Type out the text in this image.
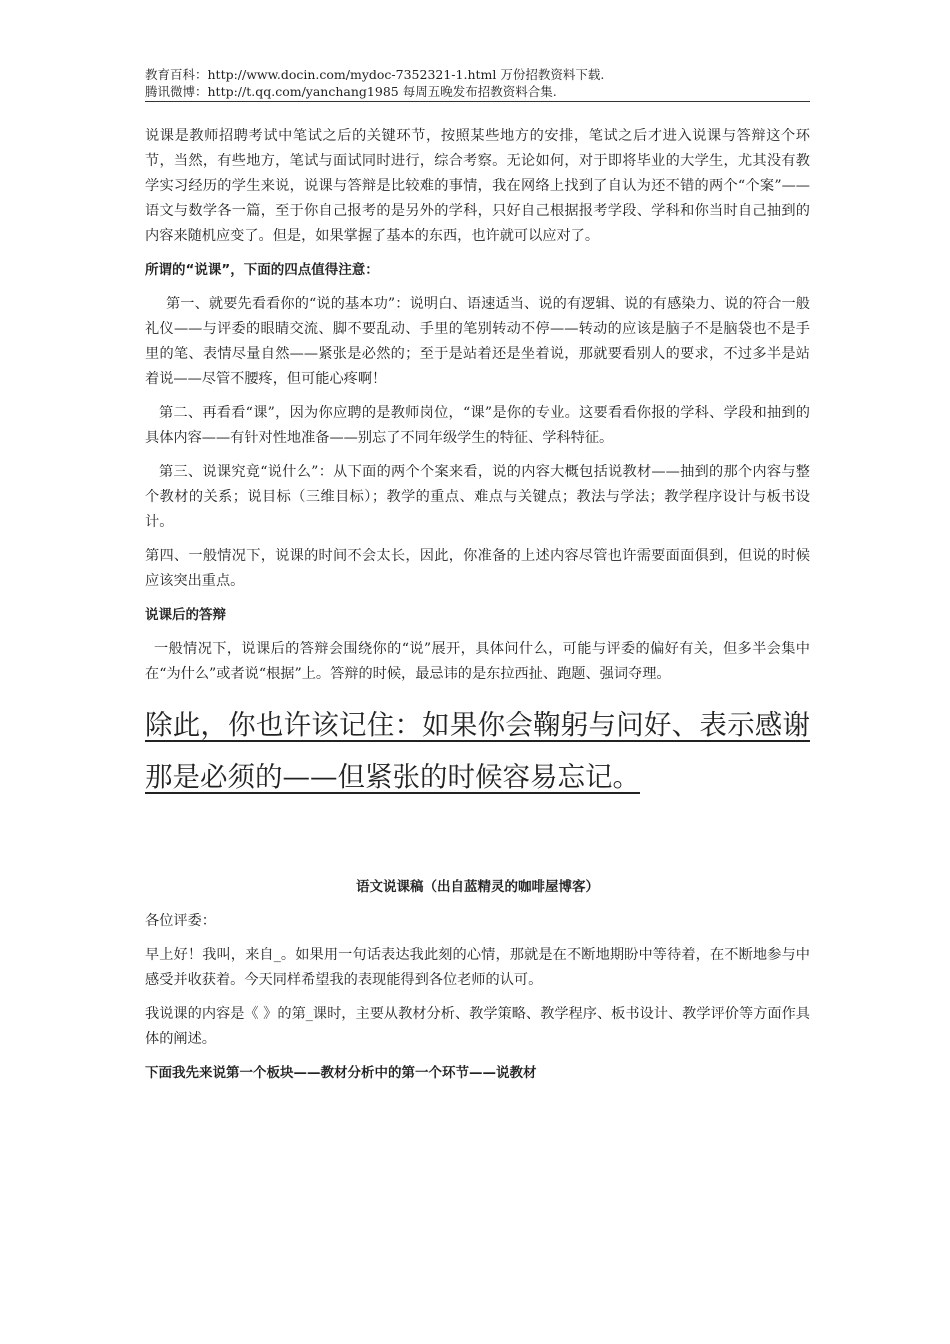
教育百科：http://www.docin.com/mydoc-7352321-1.html 万份招教资料下载.
腾讯微博：http://t.qq.com/yanchang1985 每周五晚发布招教资料合集.

说课是教师招聘考试中笔试之后的关键环节，按照某些地方的安排，笔试之后才进入说课与答辩这个环节，当然，有些地方，笔试与面试同时进行，综合考察。无论如何，对于即将毕业的大学生，尤其没有教学实习经历的学生来说，说课与答辩是比较难的事情，我在网络上找到了自认为还不错的两个“个案”——语文与数学各一篇，至于你自己报考的是另外的学科，只好自己根据报考学段、学科和你当时自己抽到的内容来随机应变了。但是，如果掌握了基本的东西，也许就可以应对了。

所谓的“说课”，下面的四点值得注意：

第一、就要先看看你的“说的基本功”：说明白、语速适当、说的有逻辑、说的有感染力、说的符合一般礼仪——与评委的眼睛交流、脚不要乱动、手里的笔别转动不停——转动的应该是脑子不是脑袋也不是手里的笔、表情尽量自然——紧张是必然的；至于是站着还是坐着说，那就要看别人的要求，不过多半是站着说——尽管不腰疼，但可能心疼啊！

第二、再看看“课”，因为你应聘的是教师岗位，“课”是你的专业。这要看看你报的学科、学段和抽到的具体内容——有针对性地准备——别忘了不同年级学生的特征、学科特征。

第三、说课究竟“说什么”：从下面的两个个案来看，说的内容大概包括说教材——抽到的那个内容与整个教材的关系；说目标（三维目标）；教学的重点、难点与关键点；教法与学法；教学程序设计与板书设计。

第四、一般情况下，说课的时间不会太长，因此，你准备的上述内容尽管也许需要面面俱到，但说的时候应该突出重点。

说课后的答辩

一般情况下，说课后的答辩会围绕你的“说”展开，具体问什么，可能与评委的偏好有关，但多半会集中在“为什么”或者说“根据”上。答辩的时候，最忌讳的是东拉西扯、跑题、强词夺理。

除此，你也许该记住：如果你会鞠躬与问好、表示感谢那是必须的——但紧张的时候容易忘记。

语文说课稿（出自蓝精灵的咖啡屋博客）

各位评委：

早上好！我叫，来自_。如果用一句话表达我此刻的心情，那就是在不断地期盼中等待着，在不断地参与中感受并收获着。今天同样希望我的表现能得到各位老师的认可。

我说课的内容是《 》的第_课时，主要从教材分析、教学策略、教学程序、板书设计、教学评价等方面作具体的阐述。

下面我先来说第一个板块——教材分析中的第一个环节——说教材
